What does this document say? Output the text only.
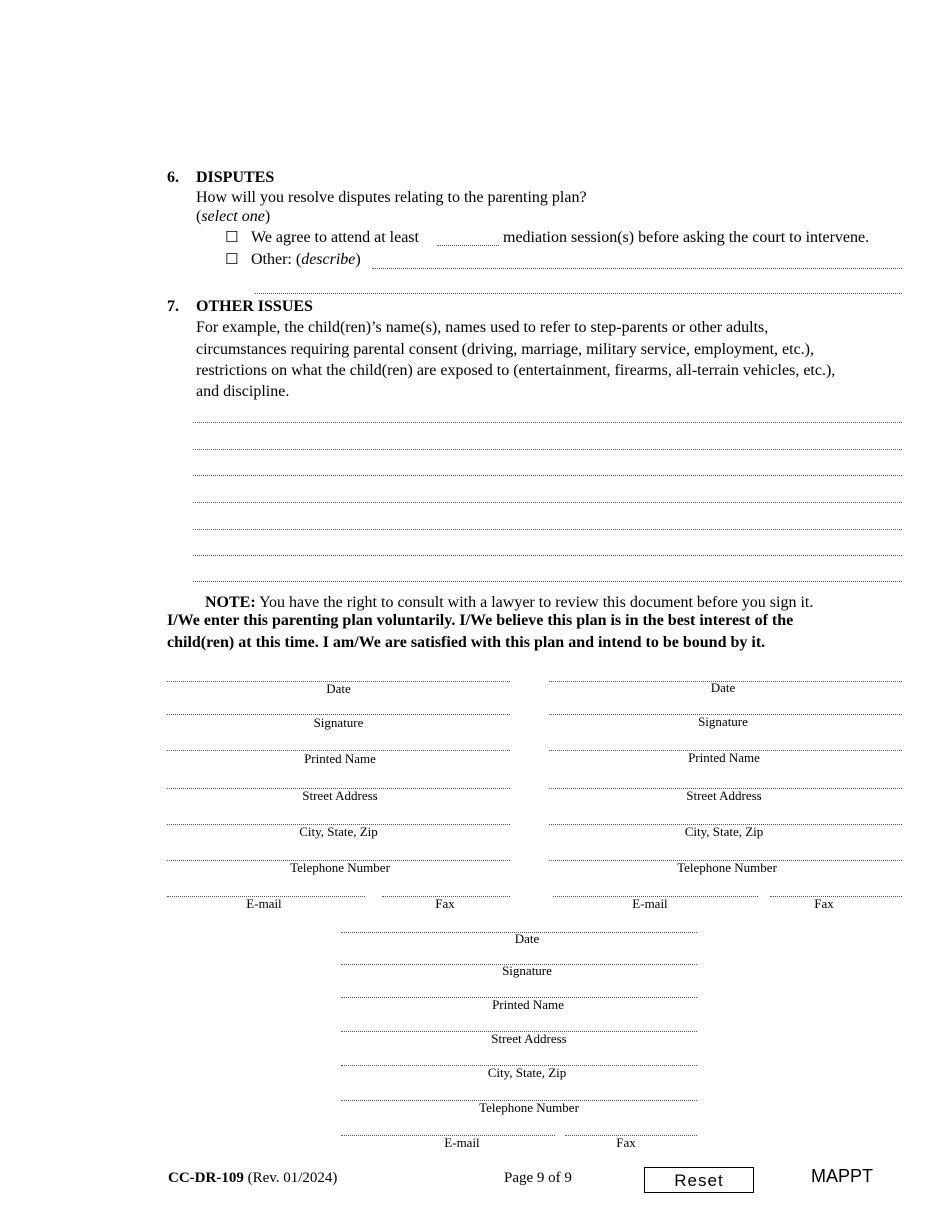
6. DISPUTES
How will you resolve disputes relating to the parenting plan?
(select one)
☐ We agree to attend at least	mediation session(s) before asking the court to intervene.
☐ Other: (describe)
7. OTHER ISSUES
For example, the child(ren)’s name(s), names used to refer to step-parents or other adults,
circumstances requiring parental consent (driving, marriage, military service, employment, etc.),
restrictions on what the child(ren) are exposed to (entertainment, firearms, all-terrain vehicles, etc.),
and discipline.
NOTE: You have the right to consult with a lawyer to review this document before you sign it.
I/We enter this parenting plan voluntarily. I/We believe this plan is in the best interest of the
child(ren) at this time. I am/We are satisfied with this plan and intend to be bound by it.
Date
Signature
Printed Name
Street Address
City, State, Zip
Telephone Number
E-mail	Fax
Date
Signature
Printed Name
Street Address
City, State, Zip
Telephone Number
E-mail	Fax
Date
Signature
Printed Name
Street Address
City, State, Zip
Telephone Number
E-mail	Fax
CC-DR-109 (Rev. 01/2024)	Page 9 of 9	Reset	MAPPT
